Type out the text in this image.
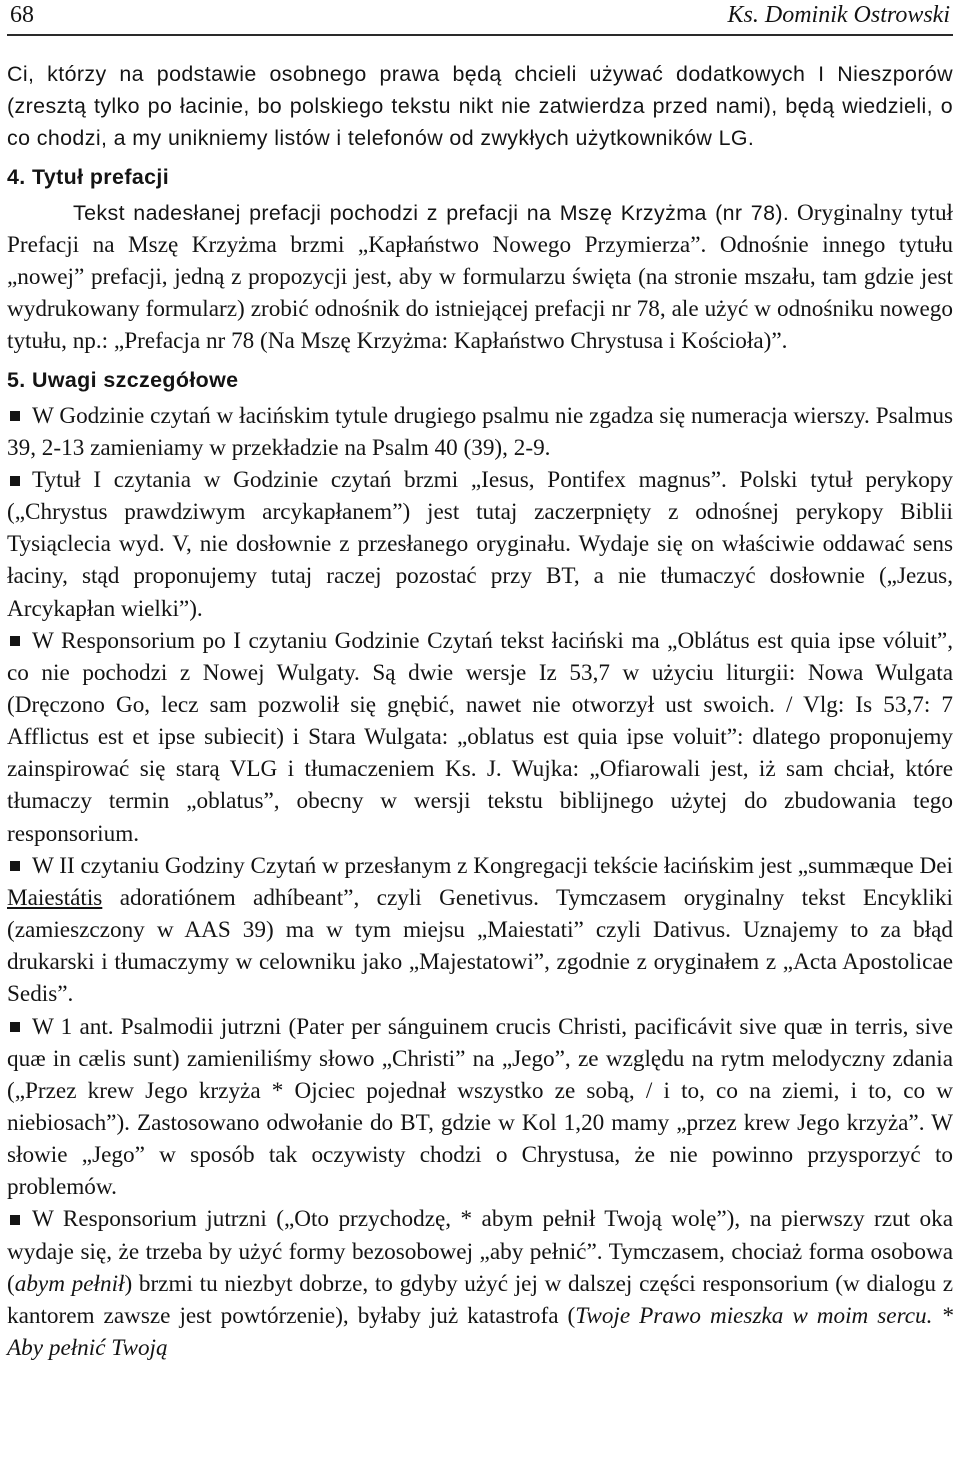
68	Ks. Dominik Ostrowski

Ci, którzy na podstawie osobnego prawa będą chcieli używać dodatkowych I Nieszporów (zresztą tylko po łacinie, bo polskiego tekstu nikt nie zatwierdza przed nami), będą wiedzieli, o co chodzi, a my unikniemy listów i telefonów od zwykłych użytkowników LG.

4. Tytuł prefacji

Tekst nadesłanej prefacji pochodzi z prefacji na Mszę Krzyżma (nr 78). Oryginalny tytuł Prefacji na Mszę Krzyżma brzmi „Kapłaństwo Nowego Przymierza”. Odnośnie innego tytułu „nowej” prefacji, jedną z propozycji jest, aby w formularzu święta (na stronie mszału, tam gdzie jest wydrukowany formularz) zrobić odnośnik do istniejącej prefacji nr 78, ale użyć w odnośniku nowego tytułu, np.: „Prefacja nr 78 (Na Mszę Krzyżma: Kapłaństwo Chrystusa i Kościoła)”.

5. Uwagi szczegółowe

W Godzinie czytań w łacińskim tytule drugiego psalmu nie zgadza się numeracja wierszy. Psalmus 39, 2-13 zamieniamy w przekładzie na Psalm 40 (39), 2-9.

Tytuł I czytania w Godzinie czytań brzmi „Iesus, Pontifex magnus”. Polski tytuł perykopy („Chrystus prawdziwym arcykapłanem”) jest tutaj zaczerpnięty z odnośnej perykopy Biblii Tysiąclecia wyd. V, nie dosłownie z przesłanego oryginału. Wydaje się on właściwie oddawać sens łaciny, stąd proponujemy tutaj raczej pozostać przy BT, a nie tłumaczyć dosłownie („Jezus, Arcykapłan wielki”).

W Responsorium po I czytaniu Godzinie Czytań tekst łaciński ma „Oblátus est quia ipse vóluit”, co nie pochodzi z Nowej Wulgaty. Są dwie wersje Iz 53,7 w użyciu liturgii: Nowa Wulgata (Dręczono Go, lecz sam pozwolił się gnębić, nawet nie otworzył ust swoich. / Vlg: Is 53,7: 7 Afflictus est et ipse subiecit) i Stara Wulgata: „oblatus est quia ipse voluit”: dlatego proponujemy zainspirować się starą VLG i tłumaczeniem Ks. J. Wujka: „Ofiarowali jest, iż sam chciał, które tłumaczy termin „oblatus”, obecny w wersji tekstu biblijnego użytej do zbudowania tego responsorium.

W II czytaniu Godziny Czytań w przesłanym z Kongregacji tekście łacińskim jest „summæque Dei Maiestátis adoratiónem adhíbeant”, czyli Genetivus. Tymczasem oryginalny tekst Encykliki (zamieszczony w AAS 39) ma w tym miejsu „Maiestati” czyli Dativus. Uznajemy to za błąd drukarski i tłumaczymy w celowniku jako „Majestatowi”, zgodnie z oryginałem z „Acta Apostolicae Sedis”.

W 1 ant. Psalmodii jutrzni (Pater per sánguinem crucis Christi, pacificávit sive quæ in terris, sive quæ in cælis sunt) zamieniliśmy słowo „Christi” na „Jego”, ze względu na rytm melodyczny zdania („Przez krew Jego krzyża * Ojciec pojednał wszystko ze sobą, / i to, co na ziemi, i to, co w niebiosach”). Zastosowano odwołanie do BT, gdzie w Kol 1,20 mamy „przez krew Jego krzyża”. W słowie „Jego” w sposób tak oczywisty chodzi o Chrystusa, że nie powinno przysporzyć to problemów.

W Responsorium jutrzni („Oto przychodzę, * abym pełnił Twoją wolę”), na pierwszy rzut oka wydaje się, że trzeba by użyć formy bezosobowej „aby pełnić”. Tymczasem, chociaż forma osobowa (abym pełnił) brzmi tu niezbyt dobrze, to gdyby użyć jej w dalszej części responsorium (w dialogu z kantorem zawsze jest powtórzenie), byłaby już katastrofa (Twoje Prawo mieszka w moim sercu. * Aby pełnić Twoją
